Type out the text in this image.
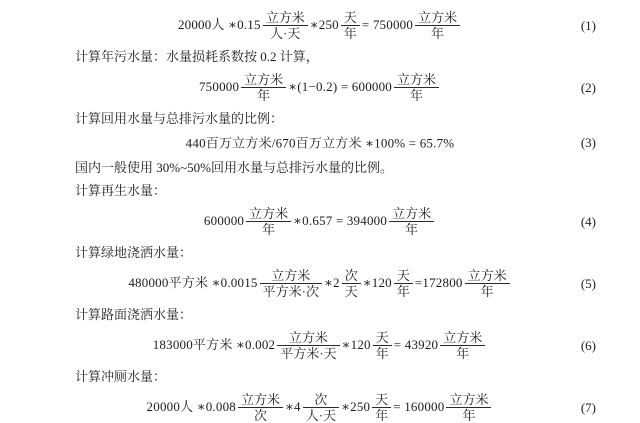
20000人 ∗0.15 $\frac{\text{立方米}}{\text{人·天}}$ ∗250 $\frac{\text{天}}{\text{年}} = 750000 \frac{\text{立方米}}{\text{年}}$	(1)
计算年污水量：水量损耗系数按 0.2 计算，
$750000 \frac{\text{立方米}}{\text{年}}$ ∗(1−0.2) = $600000 \frac{\text{立方米}}{\text{年}}$	(2)
计算回用水量与总排污水量的比例：
440百万立方米/670百万立方米 ∗100% = 65.7%	(3)
国内一般使用 30%~50%回用水量与总排污水量的比例。
计算再生水量：
$600000 \frac{\text{立方米}}{\text{年}}$ ∗0.657 = $394000 \frac{\text{立方米}}{\text{年}}$	(4)
计算绿地浇洒水量：
480000平方米 ∗0.0015 $\frac{\text{立方米}}{\text{平方米·次}}$ ∗2 $\frac{\text{次}}{\text{天}}$ ∗120 $\frac{\text{天}}{\text{年}} =172800 \frac{\text{立方米}}{\text{年}}$	(5)
计算路面浇洒水量：
183000平方米 ∗0.002 $\frac{\text{立方米}}{\text{平方米·天}}$ ∗120 $\frac{\text{天}}{\text{年}} = 43920 \frac{\text{立方米}}{\text{年}}$	(6)
计算冲厕水量：
20000人 ∗0.008 $\frac{\text{立方米}}{\text{次}}$ ∗4 $\frac{\text{次}}{\text{人·天}}$ ∗250 $\frac{\text{天}}{\text{年}} = 160000 \frac{\text{立方米}}{\text{年}}$	(7)
